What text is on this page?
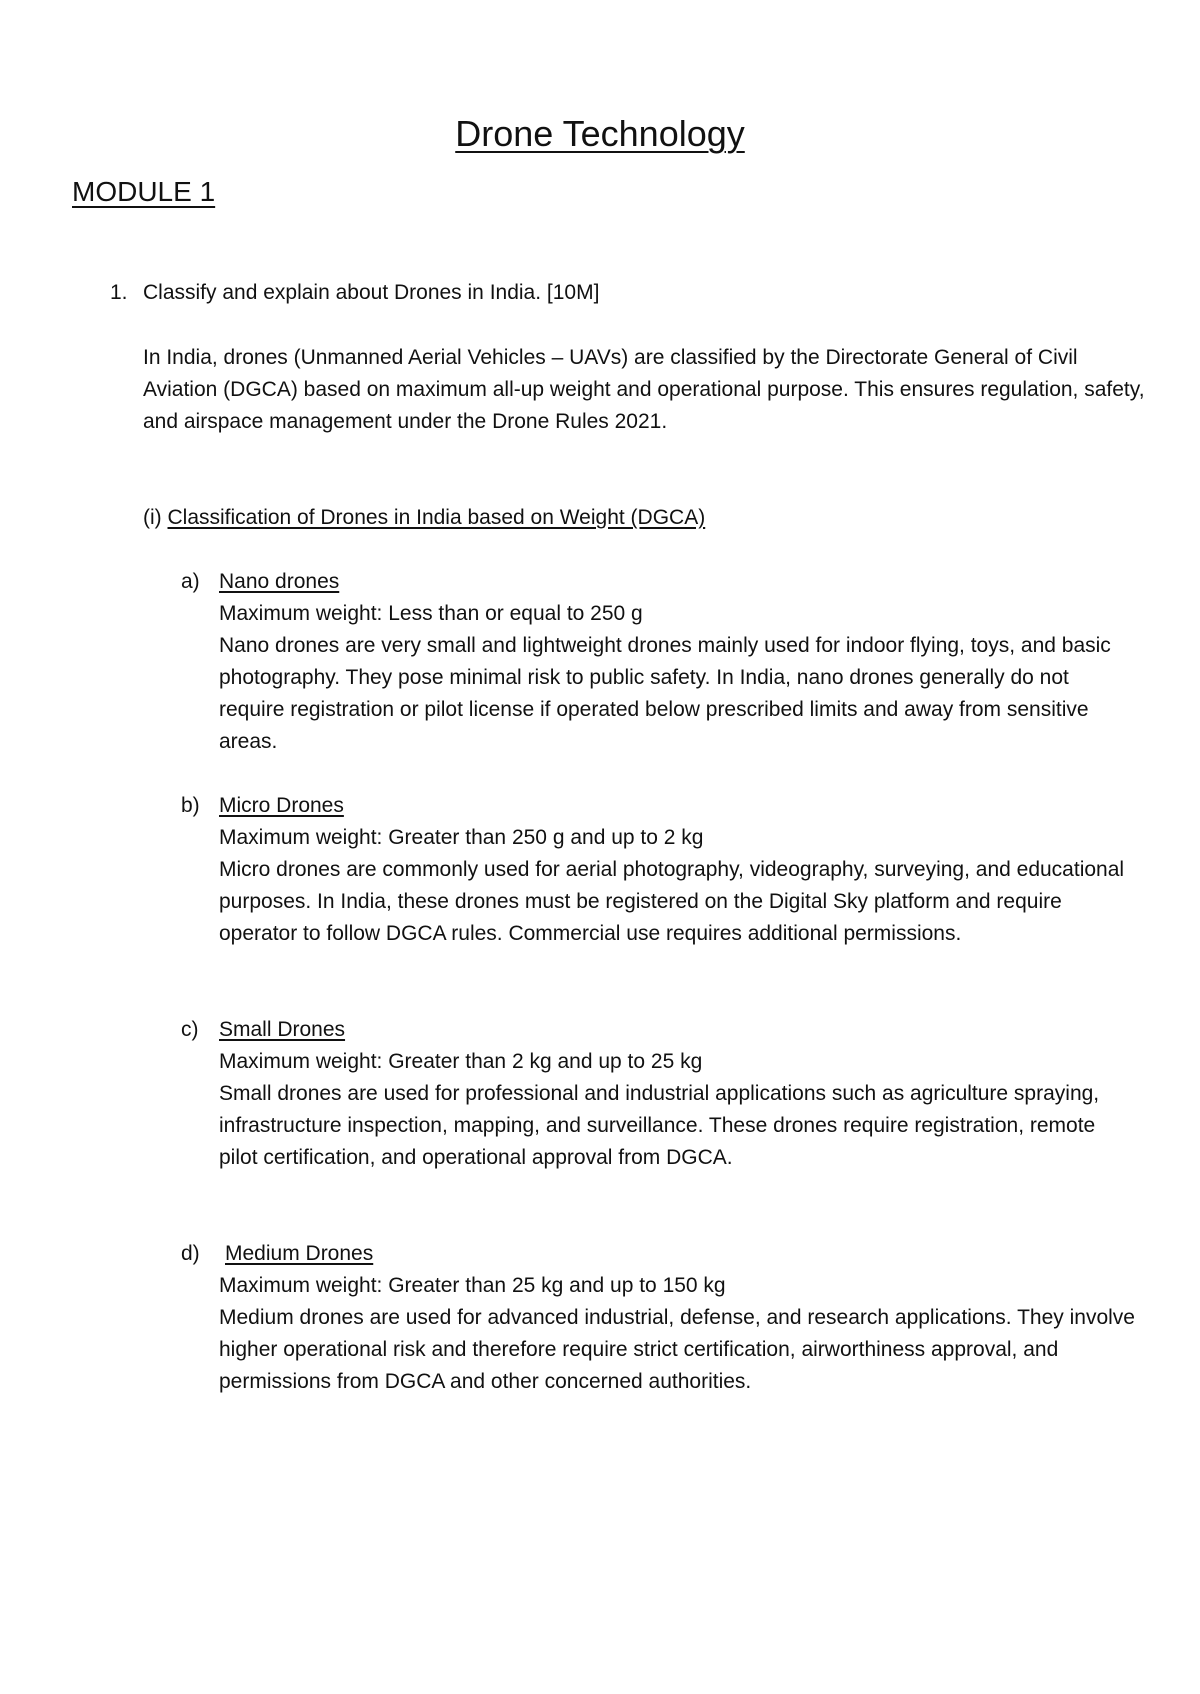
Drone Technology
MODULE 1
1. Classify and explain about Drones in India. [10M]
In India, drones (Unmanned Aerial Vehicles – UAVs) are classified by the Directorate General of Civil Aviation (DGCA) based on maximum all-up weight and operational purpose. This ensures regulation, safety, and airspace management under the Drone Rules 2021.
(i) Classification of Drones in India based on Weight (DGCA)
a) Nano drones

Maximum weight: Less than or equal to 250 g

Nano drones are very small and lightweight drones mainly used for indoor flying, toys, and basic photography. They pose minimal risk to public safety. In India, nano drones generally do not require registration or pilot license if operated below prescribed limits and away from sensitive areas.

b) Micro Drones

Maximum weight: Greater than 250 g and up to 2 kg

Micro drones are commonly used for aerial photography, videography, surveying, and educational purposes. In India, these drones must be registered on the Digital Sky platform and require operator to follow DGCA rules. Commercial use requires additional permissions.

c) Small Drones

Maximum weight: Greater than 2 kg and up to 25 kg

Small drones are used for professional and industrial applications such as agriculture spraying, infrastructure inspection, mapping, and surveillance. These drones require registration, remote pilot certification, and operational approval from DGCA.

d) Medium Drones

Maximum weight: Greater than 25 kg and up to 150 kg

Medium drones are used for advanced industrial, defense, and research applications. They involve higher operational risk and therefore require strict certification, airworthiness approval, and permissions from DGCA and other concerned authorities.
